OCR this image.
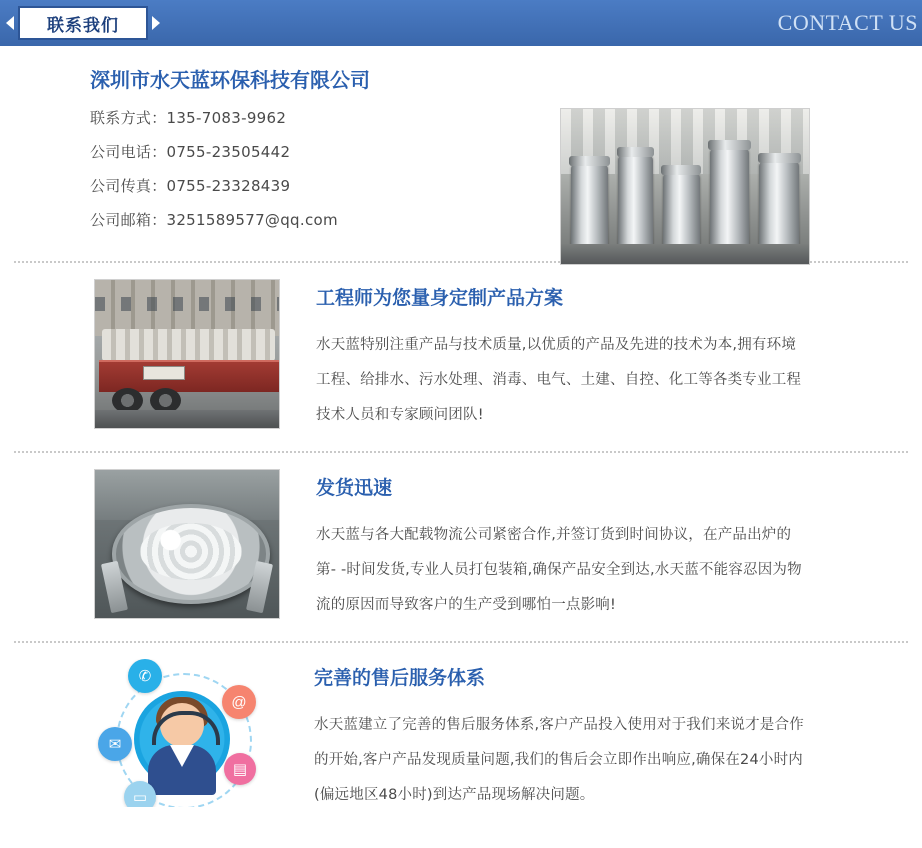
联系我们	CONTACT US
深圳市水天蓝环保科技有限公司
联系方式：135-7083-9962
公司电话：0755-23505442
公司传真：0755-23328439
公司邮箱：3251589577@qq.com
工程师为您量身定制产品方案
水天蓝特别注重产品与技术质量,以优质的产品及先进的技术为本,拥有环境工程、给排水、污水处理、消毒、电气、土建、自控、化工等各类专业工程技术人员和专家顾问团队!
发货迅速
水天蓝与各大配载物流公司紧密合作,并签订货到时间协议，在产品出炉的第- -时间发货,专业人员打包装箱,确保产品安全到达,水天蓝不能容忍因为物流的原因而导致客户的生产受到哪怕一点影响!
✆
@
✉
▤
▭
完善的售后服务体系
水天蓝建立了完善的售后服务体系,客户产品投入使用对于我们来说才是合作的开始,客户产品发现质量问题,我们的售后会立即作出响应,确保在24小时内(偏远地区48小时)到达产品现场解决问题。
